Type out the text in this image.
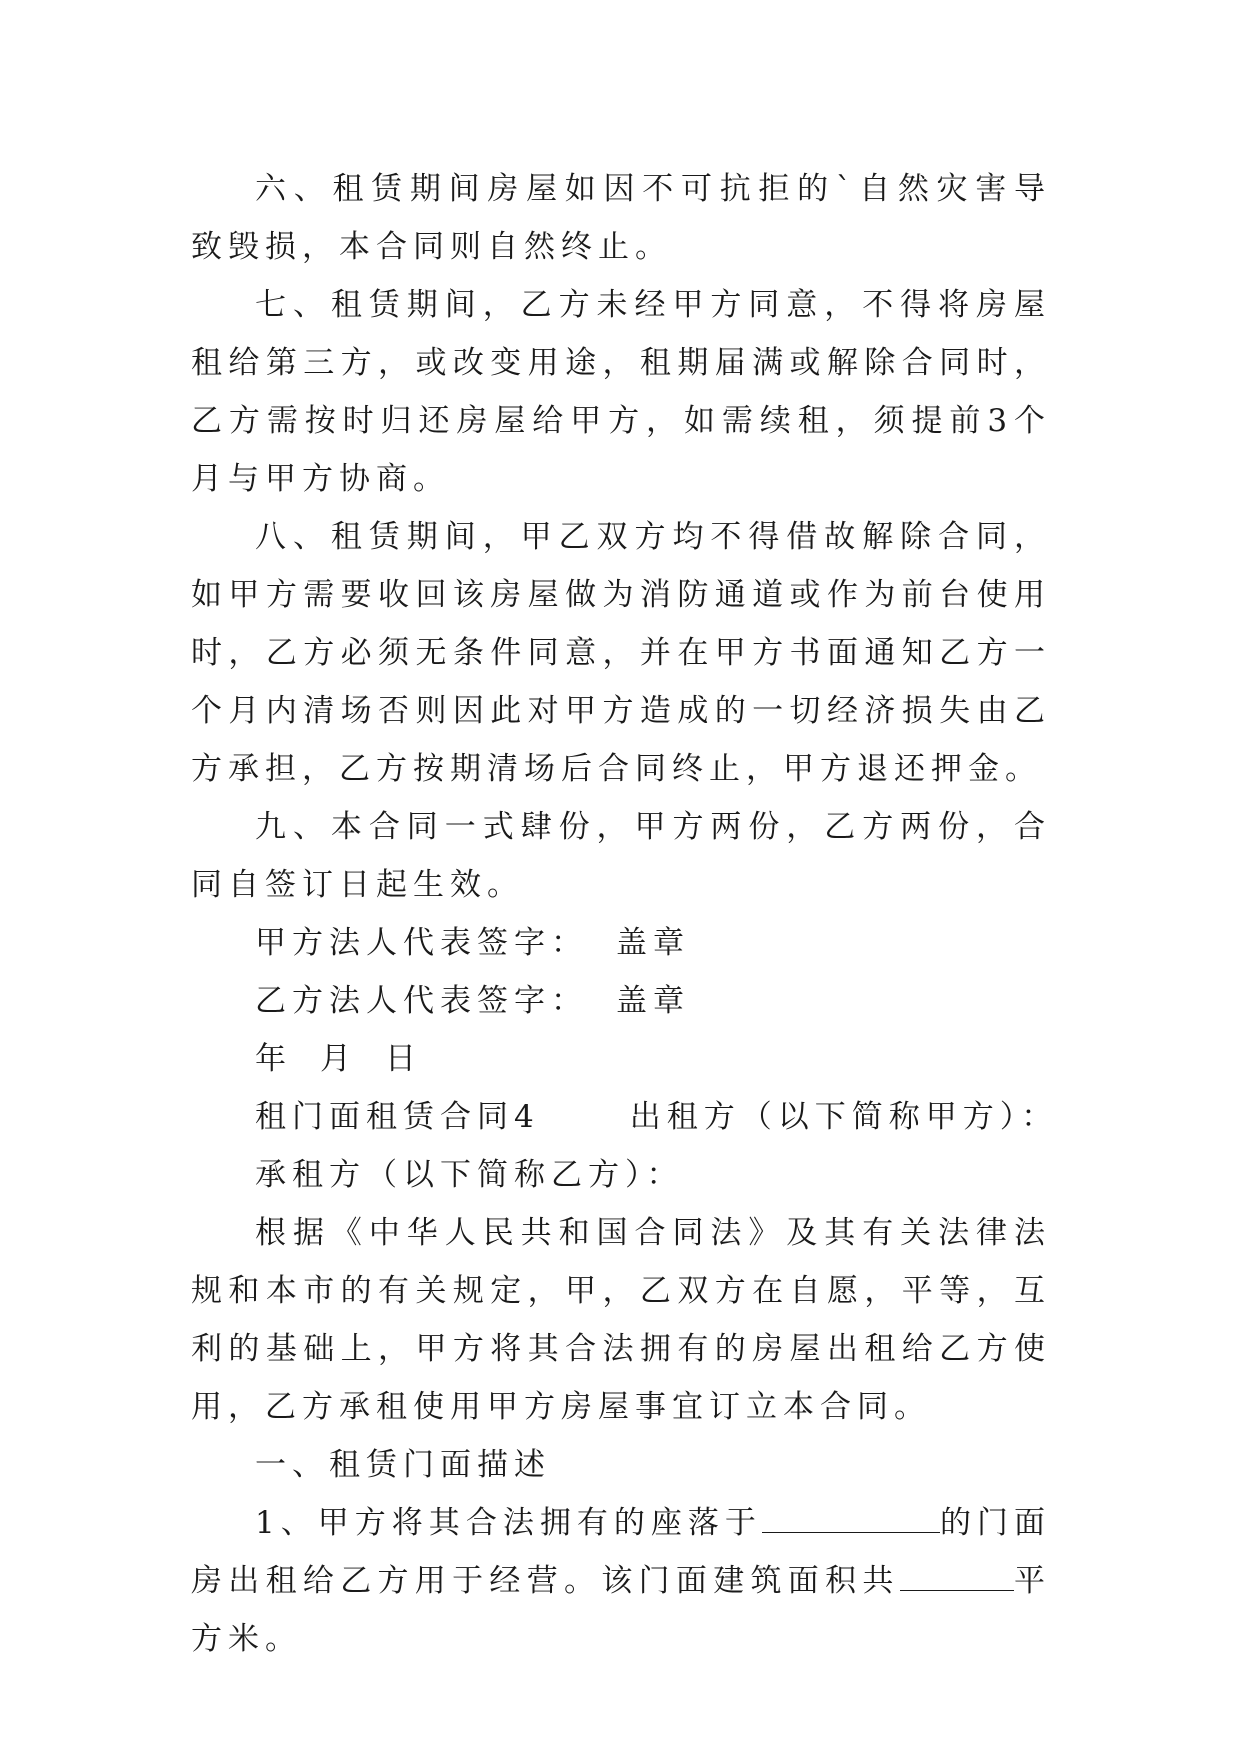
六、租赁期间房屋如因不可抗拒的`自然灾害导致毁损，本合同则自然终止。

七、租赁期间，乙方未经甲方同意，不得将房屋租给第三方，或改变用途，租期届满或解除合同时，乙方需按时归还房屋给甲方，如需续租，须提前3个月与甲方协商。

八、租赁期间，甲乙双方均不得借故解除合同，如甲方需要收回该房屋做为消防通道或作为前台使用时，乙方必须无条件同意，并在甲方书面通知乙方一个月内清场否则因此对甲方造成的一切经济损失由乙方承担，乙方按期清场后合同终止，甲方退还押金。

九、本合同一式肆份，甲方两份，乙方两份，合同自签订日起生效。

甲方法人代表签字： 盖章

乙方法人代表签字： 盖章

年 月 日

租门面租赁合同4	出租方（以下简称甲方）：

承租方（以下简称乙方）：

根据《中华人民共和国合同法》及其有关法律法规和本市的有关规定，甲，乙双方在自愿，平等，互利的基础上，甲方将其合法拥有的房屋出租给乙方使用，乙方承租使用甲方房屋事宜订立本合同。

一、租赁门面描述

1、甲方将其合法拥有的座落于	的门面房出租给乙方用于经营。该门面建筑面积共	平方米。
